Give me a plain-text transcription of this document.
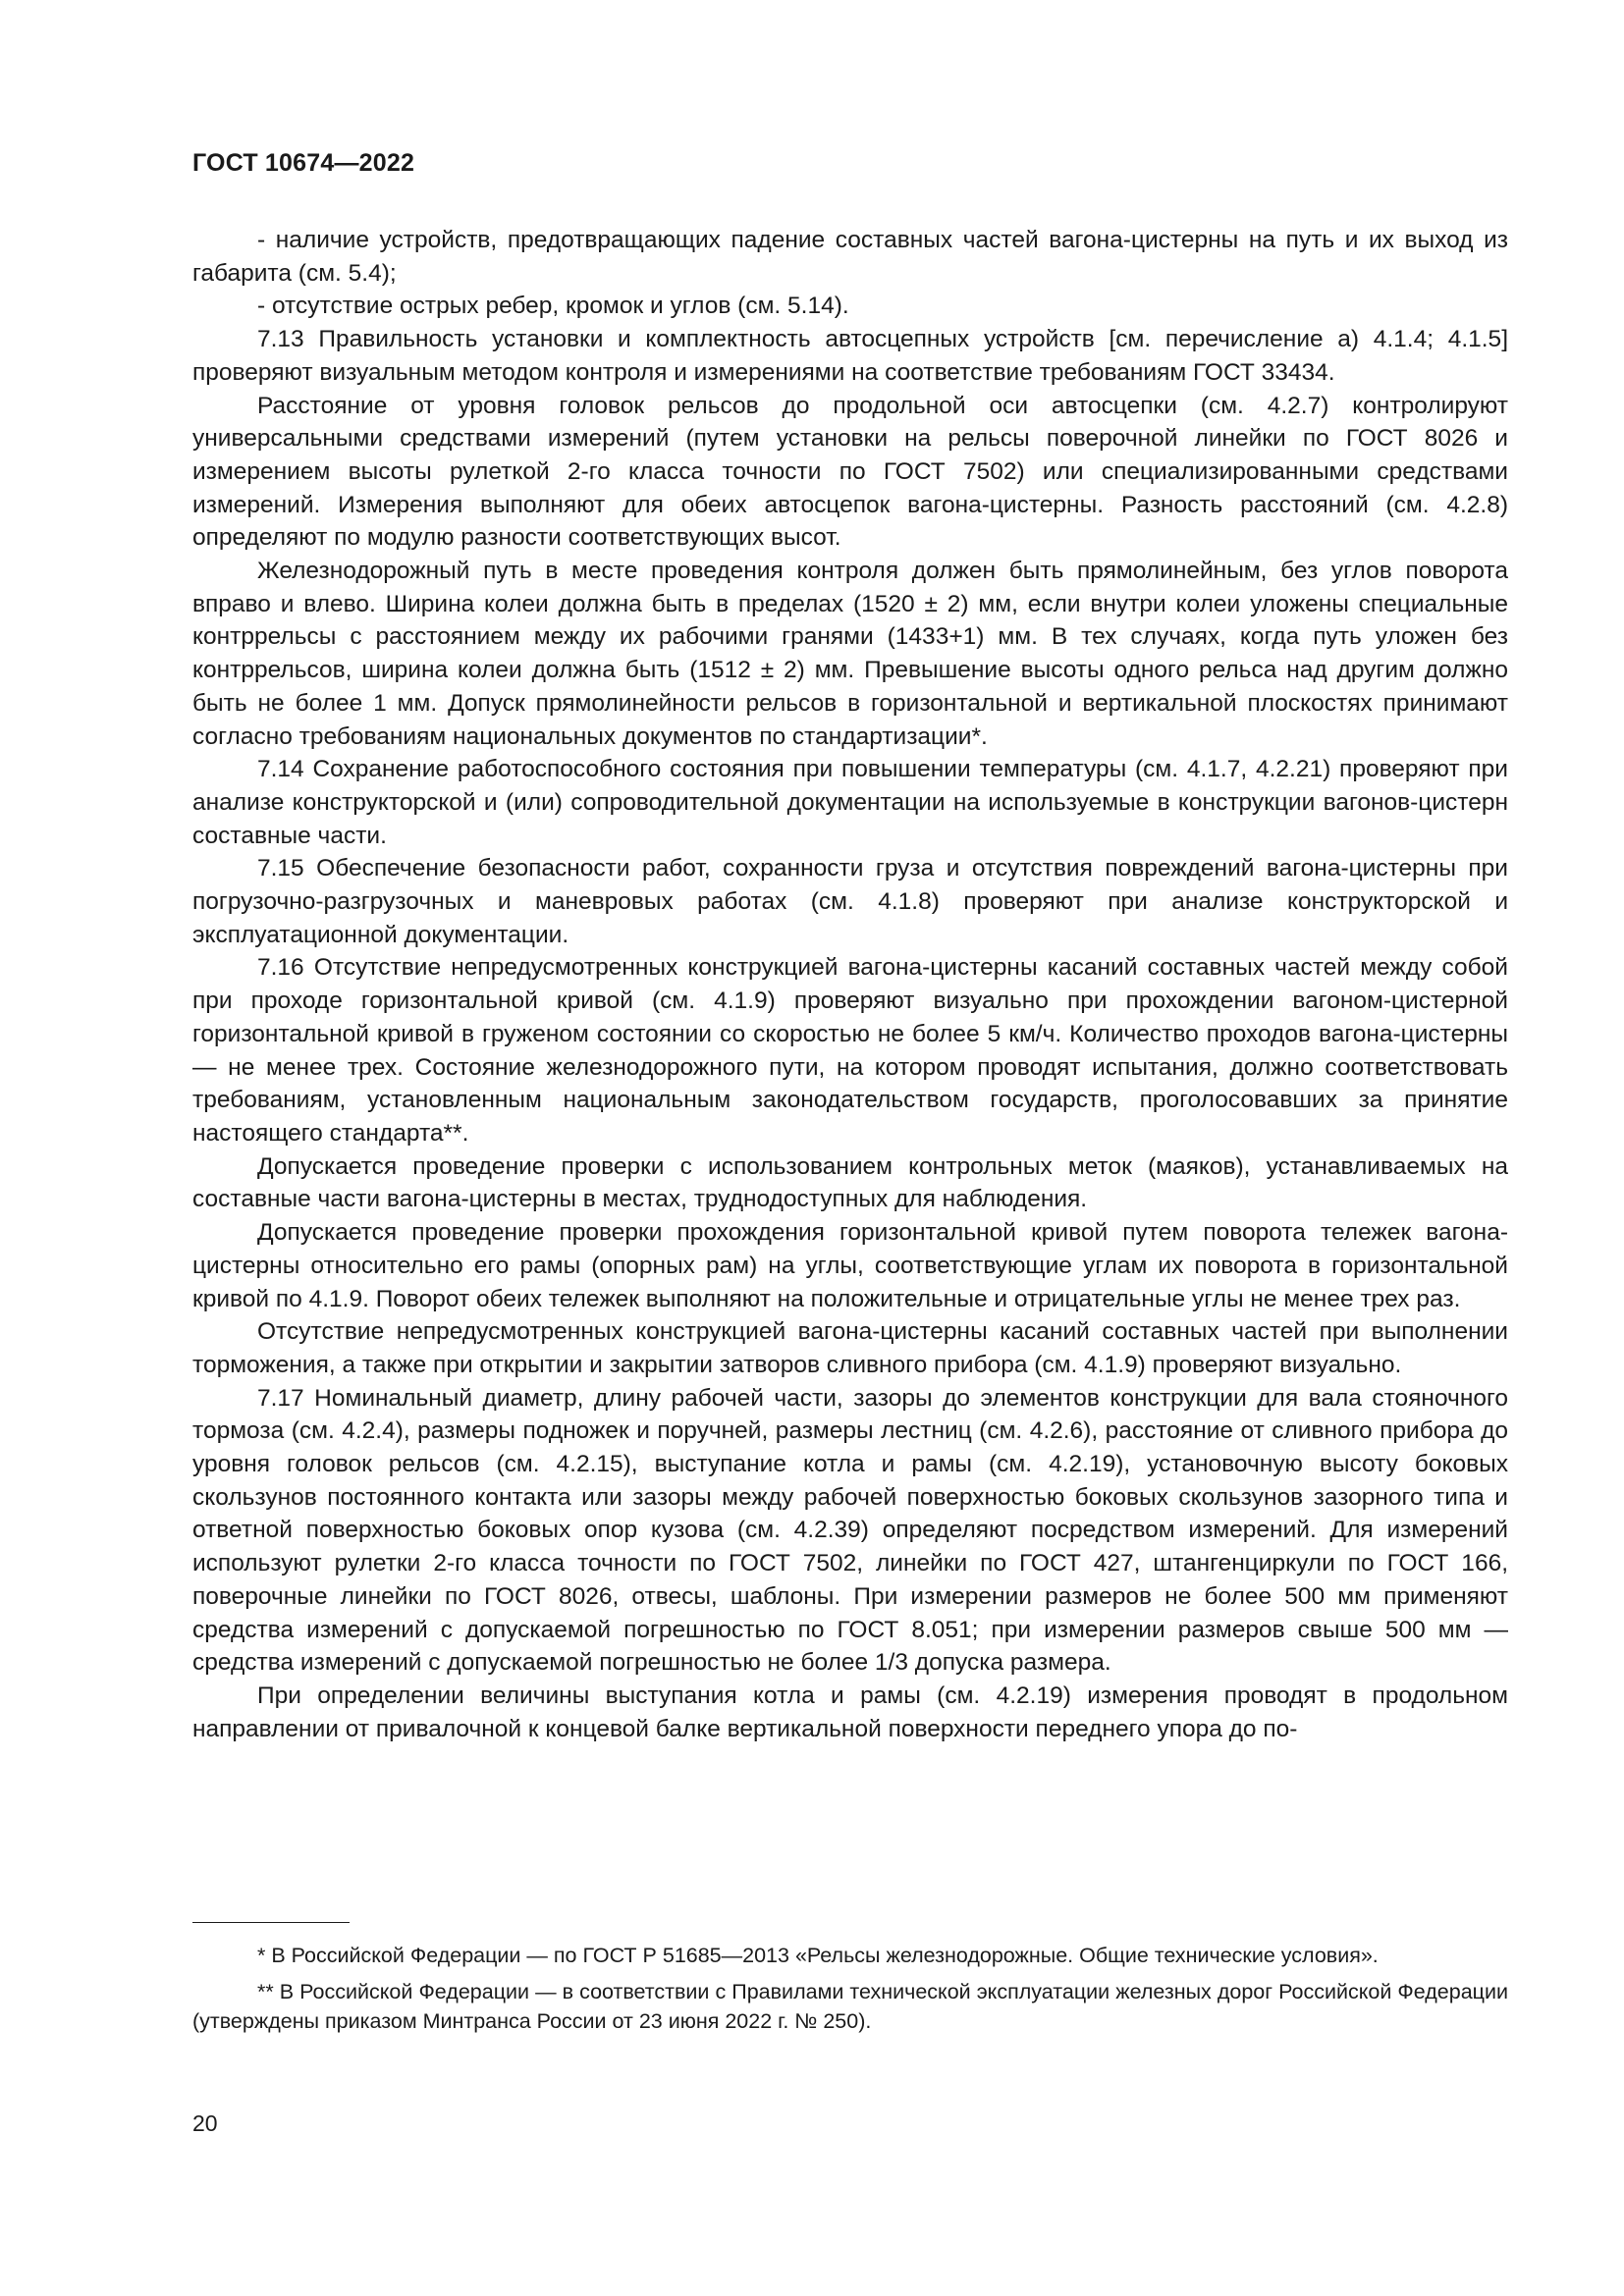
ГОСТ 10674—2022

- наличие устройств, предотвращающих падение составных частей вагона-цистерны на путь и их выход из габарита (см. 5.4);

- отсутствие острых ребер, кромок и углов (см. 5.14).

7.13 Правильность установки и комплектность автосцепных устройств [см. перечисление а) 4.1.4; 4.1.5] проверяют визуальным методом контроля и измерениями на соответствие требованиям ГОСТ 33434.

Расстояние от уровня головок рельсов до продольной оси автосцепки (см. 4.2.7) контролируют универсальными средствами измерений (путем установки на рельсы поверочной линейки по ГОСТ 8026 и измерением высоты рулеткой 2-го класса точности по ГОСТ 7502) или специализированными средствами измерений. Измерения выполняют для обеих автосцепок вагона-цистерны. Разность расстояний (см. 4.2.8) определяют по модулю разности соответствующих высот.

Железнодорожный путь в месте проведения контроля должен быть прямолинейным, без углов поворота вправо и влево. Ширина колеи должна быть в пределах (1520 ± 2) мм, если внутри колеи уложены специальные контррельсы с расстоянием между их рабочими гранями (1433+1) мм. В тех случаях, когда путь уложен без контррельсов, ширина колеи должна быть (1512 ± 2) мм. Превышение высоты одного рельса над другим должно быть не более 1 мм. Допуск прямолинейности рельсов в горизонтальной и вертикальной плоскостях принимают согласно требованиям национальных документов по стандартизации*.

7.14 Сохранение работоспособного состояния при повышении температуры (см. 4.1.7, 4.2.21) проверяют при анализе конструкторской и (или) сопроводительной документации на используемые в конструкции вагонов-цистерн составные части.

7.15 Обеспечение безопасности работ, сохранности груза и отсутствия повреждений вагона-цистерны при погрузочно-разгрузочных и маневровых работах (см. 4.1.8) проверяют при анализе конструкторской и эксплуатационной документации.

7.16 Отсутствие непредусмотренных конструкцией вагона-цистерны касаний составных частей между собой при проходе горизонтальной кривой (см. 4.1.9) проверяют визуально при прохождении вагоном-цистерной горизонтальной кривой в груженом состоянии со скоростью не более 5 км/ч. Количество проходов вагона-цистерны — не менее трех. Состояние железнодорожного пути, на котором проводят испытания, должно соответствовать требованиям, установленным национальным законодательством государств, проголосовавших за принятие настоящего стандарта**.

Допускается проведение проверки с использованием контрольных меток (маяков), устанавливаемых на составные части вагона-цистерны в местах, труднодоступных для наблюдения.

Допускается проведение проверки прохождения горизонтальной кривой путем поворота тележек вагона-цистерны относительно его рамы (опорных рам) на углы, соответствующие углам их поворота в горизонтальной кривой по 4.1.9. Поворот обеих тележек выполняют на положительные и отрицательные углы не менее трех раз.

Отсутствие непредусмотренных конструкцией вагона-цистерны касаний составных частей при выполнении торможения, а также при открытии и закрытии затворов сливного прибора (см. 4.1.9) проверяют визуально.

7.17 Номинальный диаметр, длину рабочей части, зазоры до элементов конструкции для вала стояночного тормоза (см. 4.2.4), размеры подножек и поручней, размеры лестниц (см. 4.2.6), расстояние от сливного прибора до уровня головок рельсов (см. 4.2.15), выступание котла и рамы (см. 4.2.19), установочную высоту боковых скользунов постоянного контакта или зазоры между рабочей поверхностью боковых скользунов зазорного типа и ответной поверхностью боковых опор кузова (см. 4.2.39) определяют посредством измерений. Для измерений используют рулетки 2-го класса точности по ГОСТ 7502, линейки по ГОСТ 427, штангенциркули по ГОСТ 166, поверочные линейки по ГОСТ 8026, отвесы, шаблоны. При измерении размеров не более 500 мм применяют средства измерений с допускаемой погрешностью по ГОСТ 8.051; при измерении размеров свыше 500 мм — средства измерений с допускаемой погрешностью не более 1/3 допуска размера.

При определении величины выступания котла и рамы (см. 4.2.19) измерения проводят в продольном направлении от привалочной к концевой балке вертикальной поверхности переднего упора до по-

* В Российской Федерации — по ГОСТ Р 51685—2013 «Рельсы железнодорожные. Общие технические условия».

** В Российской Федерации — в соответствии с Правилами технической эксплуатации железных дорог Российской Федерации (утверждены приказом Минтранса России от 23 июня 2022 г. № 250).

20
